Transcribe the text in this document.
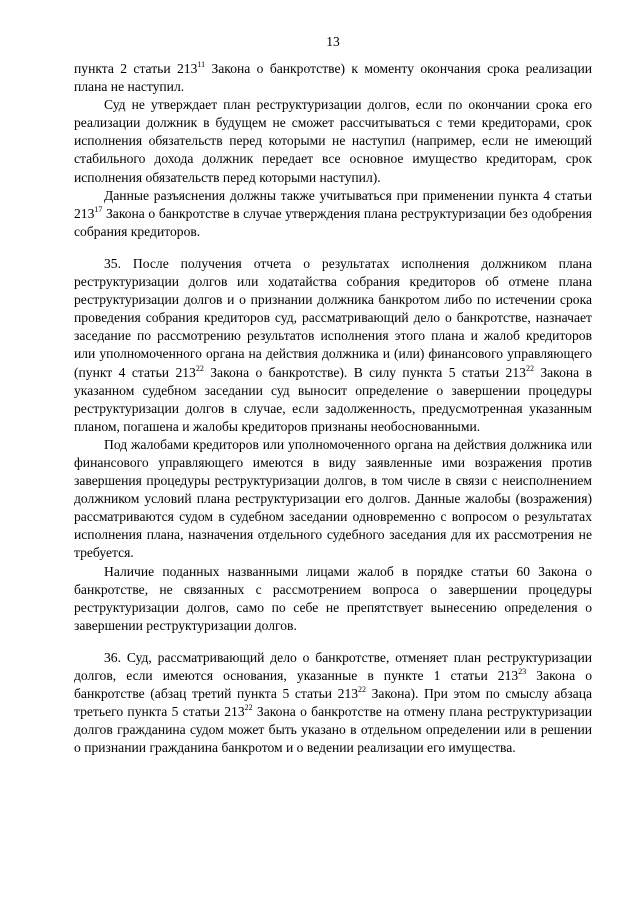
13

пункта 2 статьи $213^{11}$ Закона о банкротстве) к моменту окончания срока реализации плана не наступил.

Суд не утверждает план реструктуризации долгов, если по окончании срока его реализации должник в будущем не сможет рассчитываться с теми кредиторами, срок исполнения обязательств перед которыми не наступил (например, если не имеющий стабильного дохода должник передает все основное имущество кредиторам, срок исполнения обязательств перед которыми наступил).

Данные разъяснения должны также учитываться при применении пункта 4 статьи $213^{17}$ Закона о банкротстве в случае утверждения плана реструктуризации без одобрения собрания кредиторов.

35. После получения отчета о результатах исполнения должником плана реструктуризации долгов или ходатайства собрания кредиторов об отмене плана реструктуризации долгов и о признании должника банкротом либо по истечении срока проведения собрания кредиторов суд, рассматривающий дело о банкротстве, назначает заседание по рассмотрению результатов исполнения этого плана и жалоб кредиторов или уполномоченного органа на действия должника и (или) финансового управляющего (пункт 4 статьи $213^{22}$ Закона о банкротстве). В силу пункта 5 статьи $213^{22}$ Закона в указанном судебном заседании суд выносит определение о завершении процедуры реструктуризации долгов в случае, если задолженность, предусмотренная указанным планом, погашена и жалобы кредиторов признаны необоснованными.

Под жалобами кредиторов или уполномоченного органа на действия должника или финансового управляющего имеются в виду заявленные ими возражения против завершения процедуры реструктуризации долгов, в том числе в связи с неисполнением должником условий плана реструктуризации его долгов. Данные жалобы (возражения) рассматриваются судом в судебном заседании одновременно с вопросом о результатах исполнения плана, назначения отдельного судебного заседания для их рассмотрения не требуется.

Наличие поданных названными лицами жалоб в порядке статьи 60 Закона о банкротстве, не связанных с рассмотрением вопроса о завершении процедуры реструктуризации долгов, само по себе не препятствует вынесению определения о завершении реструктуризации долгов.

36. Суд, рассматривающий дело о банкротстве, отменяет план реструктуризации долгов, если имеются основания, указанные в пункте 1 статьи $213^{23}$ Закона о банкротстве (абзац третий пункта 5 статьи $213^{22}$ Закона). При этом по смыслу абзаца третьего пункта 5 статьи $213^{22}$ Закона о банкротстве на отмену плана реструктуризации долгов гражданина судом может быть указано в отдельном определении или в решении о признании гражданина банкротом и о ведении реализации его имущества.
